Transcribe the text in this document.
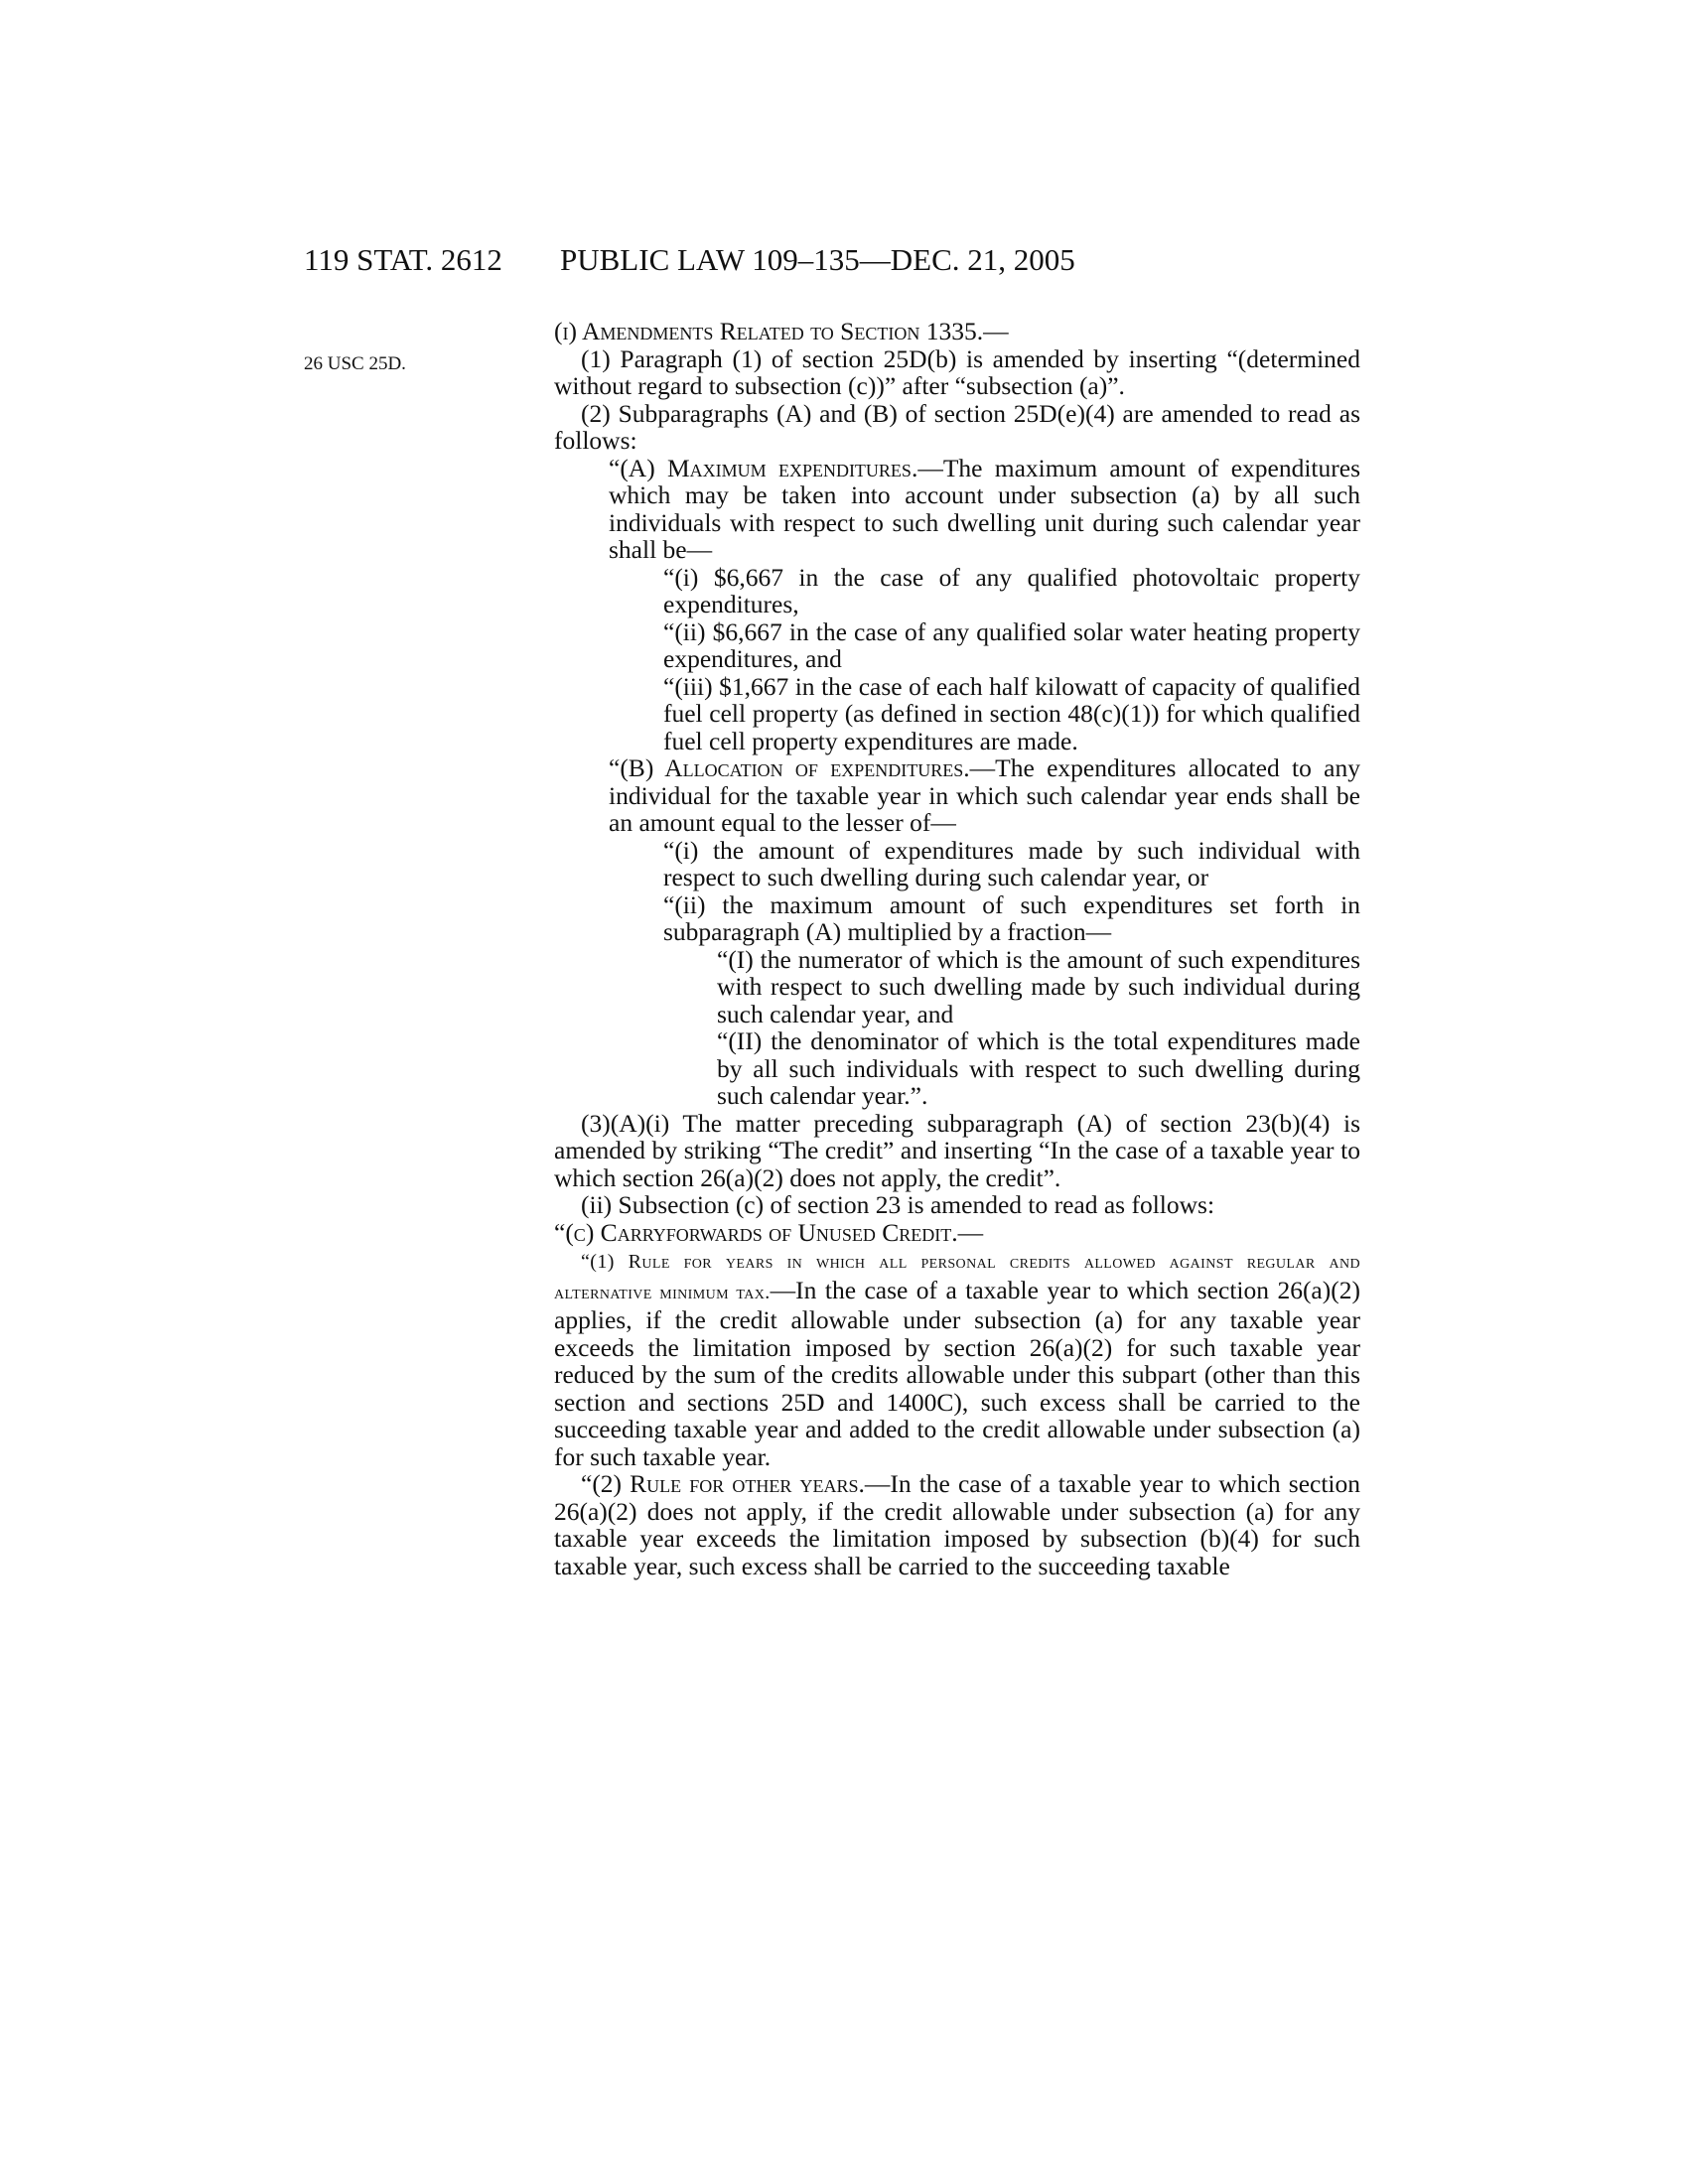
119 STAT. 2612 PUBLIC LAW 109–135—DEC. 21, 2005
26 USC 25D.

(i) Amendments Related to Section 1335.—

(1) Paragraph (1) of section 25D(b) is amended by inserting “(determined without regard to subsection (c))” after “subsection (a)”.

(2) Subparagraphs (A) and (B) of section 25D(e)(4) are amended to read as follows:

“(A) Maximum expenditures.—The maximum amount of expenditures which may be taken into account under subsection (a) by all such individuals with respect to such dwelling unit during such calendar year shall be—

“(i) $6,667 in the case of any qualified photovoltaic property expenditures,

“(ii) $6,667 in the case of any qualified solar water heating property expenditures, and

“(iii) $1,667 in the case of each half kilowatt of capacity of qualified fuel cell property (as defined in section 48(c)(1)) for which qualified fuel cell property expenditures are made.

“(B) Allocation of expenditures.—The expenditures allocated to any individual for the taxable year in which such calendar year ends shall be an amount equal to the lesser of—

“(i) the amount of expenditures made by such individual with respect to such dwelling during such calendar year, or

“(ii) the maximum amount of such expenditures set forth in subparagraph (A) multiplied by a fraction—

“(I) the numerator of which is the amount of such expenditures with respect to such dwelling made by such individual during such calendar year, and

“(II) the denominator of which is the total expenditures made by all such individuals with respect to such dwelling during such calendar year.”.

(3)(A)(i) The matter preceding subparagraph (A) of section 23(b)(4) is amended by striking “The credit” and inserting “In the case of a taxable year to which section 26(a)(2) does not apply, the credit”.

(ii) Subsection (c) of section 23 is amended to read as follows:

“(c) Carryforwards of Unused Credit.—

“(1) Rule for years in which all personal credits allowed against regular and alternative minimum tax.—In the case of a taxable year to which section 26(a)(2) applies, if the credit allowable under subsection (a) for any taxable year exceeds the limitation imposed by section 26(a)(2) for such taxable year reduced by the sum of the credits allowable under this subpart (other than this section and sections 25D and 1400C), such excess shall be carried to the succeeding taxable year and added to the credit allowable under subsection (a) for such taxable year.

“(2) Rule for other years.—In the case of a taxable year to which section 26(a)(2) does not apply, if the credit allowable under subsection (a) for any taxable year exceeds the limitation imposed by subsection (b)(4) for such taxable year, such excess shall be carried to the succeeding taxable
